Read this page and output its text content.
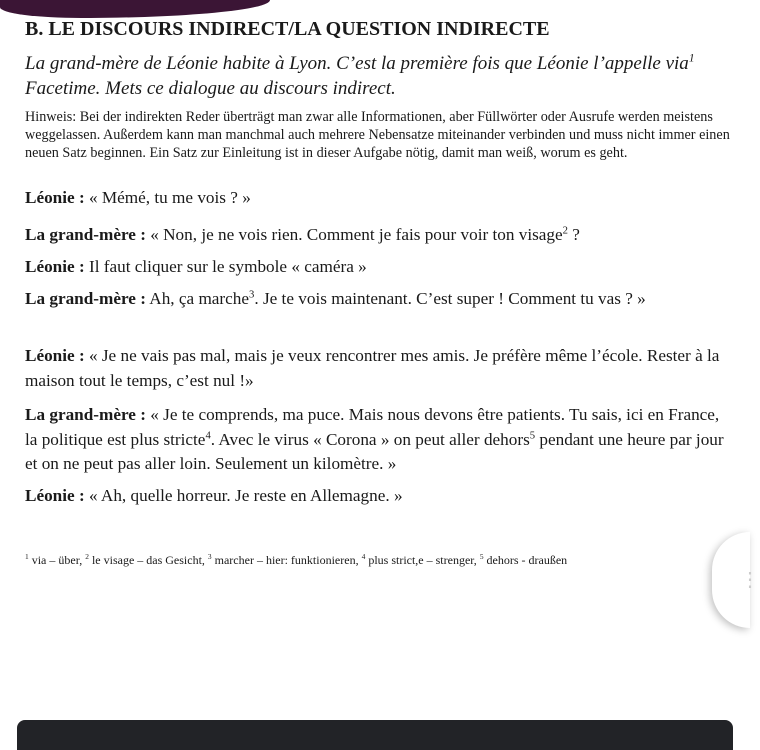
B. LE DISCOURS INDIRECT/LA QUESTION INDIRECTE
La grand-mère de Léonie habite à Lyon. C’est la première fois que Léonie l’appelle via$^1$ Facetime. Mets ce dialogue au discours indirect.
Hinweis: Bei der indirekten Reder überträgt man zwar alle Informationen, aber Füllwörter oder Ausrufe werden meistens weggelassen. Außerdem kann man manchmal auch mehrere Nebensatze miteinander verbinden und muss nicht immer einen neuen Satz beginnen. Ein Satz zur Einleitung ist in dieser Aufgabe nötig, damit man weiß, worum es geht.
Léonie : « Mémé, tu me vois ? »
La grand-mère : « Non, je ne vois rien. Comment je fais pour voir ton visage$^2$ ?
Léonie : Il faut cliquer sur le symbole « caméra »
La grand-mère : Ah, ça marche$^3$. Je te vois maintenant. C’est super ! Comment tu vas ? »
Léonie : « Je ne vais pas mal, mais je veux rencontrer mes amis. Je préfère même l’école. Rester à la maison tout le temps, c’est nul !»
La grand-mère : « Je te comprends, ma puce. Mais nous devons être patients. Tu sais, ici en France, la politique est plus stricte$^4$. Avec le virus « Corona » on peut aller dehors$^5$ pendant une heure par jour et on ne peut pas aller loin. Seulement un kilomètre. »
Léonie : « Ah, quelle horreur. Je reste en Allemagne. »
$^1$ via – über, $^2$ le visage – das Gesicht, $^3$ marcher – hier: funktionieren, $^4$ plus strict,e – strenger, $^5$ dehors - draußen
⋮
